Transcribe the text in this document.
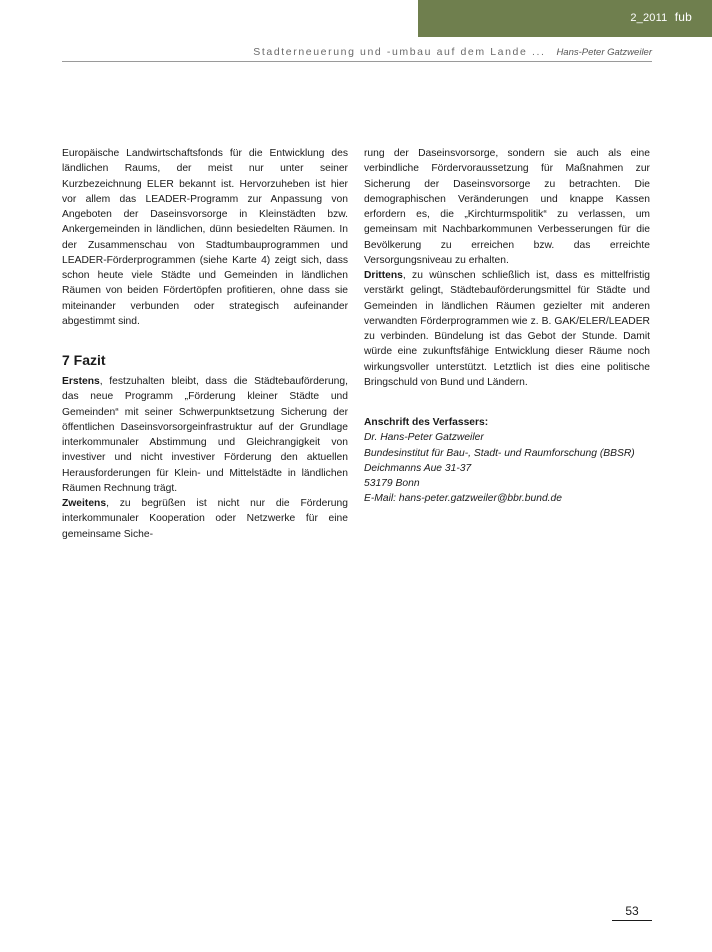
2_2011 fub
Stadterneuerung und -umbau auf dem Lande ... Hans-Peter Gatzweiler

Europäische Landwirtschaftsfonds für die Entwicklung des ländlichen Raums, der meist nur unter seiner Kurzbezeichnung ELER bekannt ist. Hervorzuheben ist hier vor allem das LEADER-Programm zur Anpassung von Angeboten der Daseinsvorsorge in Kleinstädten bzw. Ankergemeinden in ländlichen, dünn besiedelten Räumen. In der Zusammenschau von Stadtumbauprogrammen und LEADER-Förderprogrammen (siehe Karte 4) zeigt sich, dass schon heute viele Städte und Gemeinden in ländlichen Räumen von beiden Fördertöpfen profitieren, ohne dass sie miteinander verbunden oder strategisch aufeinander abgestimmt sind.

7 Fazit

Erstens, festzuhalten bleibt, dass die Städtebauförderung, das neue Programm „Förderung kleiner Städte und Gemeinden“ mit seiner Schwerpunktsetzung Sicherung der öffentlichen Daseinsvorsorgeinfrastruktur auf der Grundlage interkommunaler Abstimmung und Gleichrangigkeit von investiver und nicht investiver Förderung den aktuellen Herausforderungen für Klein- und Mittelstädte in ländlichen Räumen Rechnung trägt.

Zweitens, zu begrüßen ist nicht nur die Förderung interkommunaler Kooperation oder Netzwerke für eine gemeinsame Siche-

rung der Daseinsvorsorge, sondern sie auch als eine verbindliche Fördervoraussetzung für Maßnahmen zur Sicherung der Daseinsvorsorge zu betrachten. Die demographischen Veränderungen und knappe Kassen erfordern es, die „Kirchturmspolitik“ zu verlassen, um gemeinsam mit Nachbarkommunen Verbesserungen für die Bevölkerung zu erreichen bzw. das erreichte Versorgungsniveau zu erhalten.

Drittens, zu wünschen schließlich ist, dass es mittelfristig verstärkt gelingt, Städtebauförderungsmittel für Städte und Gemeinden in ländlichen Räumen gezielter mit anderen verwandten Förderprogrammen wie z. B. GAK/ELER/LEADER zu verbinden. Bündelung ist das Gebot der Stunde. Damit würde eine zukunftsfähige Entwicklung dieser Räume noch wirkungsvoller unterstützt. Letztlich ist dies eine politische Bringschuld von Bund und Ländern.

Anschrift des Verfassers:
Dr. Hans-Peter Gatzweiler
Bundesinstitut für Bau-, Stadt- und Raumforschung (BBSR)
Deichmanns Aue 31-37
53179 Bonn
E-Mail: hans-peter.gatzweiler@bbr.bund.de
53
